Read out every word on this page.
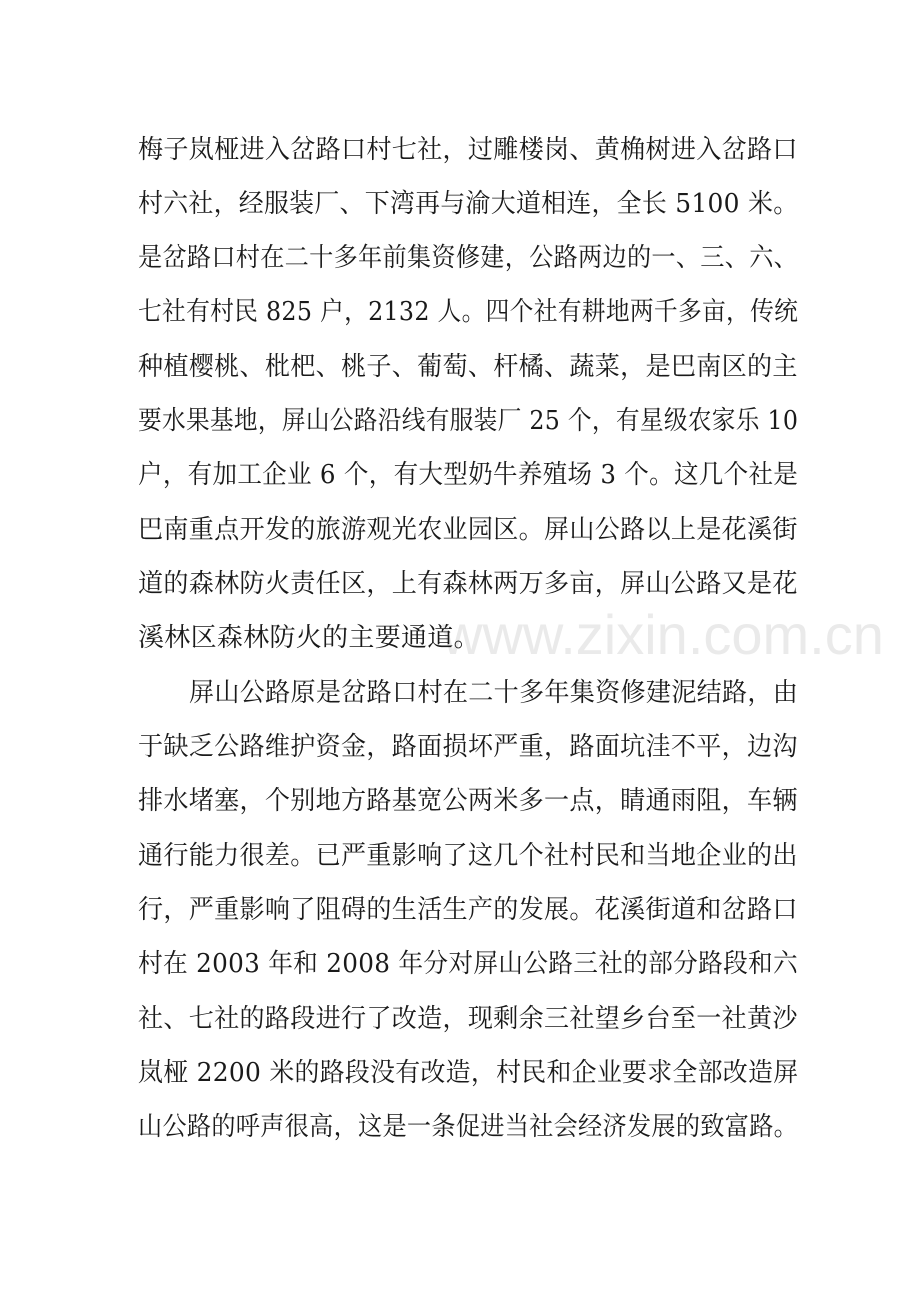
www.zixin.com.cn
梅子岚桠进入岔路口村七社，过雕楼岗、黄桷树进入岔路口
村六社，经服装厂、下湾再与渝大道相连，全长 5100 米。
是岔路口村在二十多年前集资修建，公路两边的一、三、六、
七社有村民 825 户，2132 人。四个社有耕地两千多亩，传统
种植樱桃、枇杷、桃子、葡萄、杆橘、蔬菜，是巴南区的主
要水果基地，屏山公路沿线有服装厂 25 个，有星级农家乐 10
户，有加工企业 6 个，有大型奶牛养殖场 3 个。这几个社是
巴南重点开发的旅游观光农业园区。屏山公路以上是花溪街
道的森林防火责任区，上有森林两万多亩，屏山公路又是花
溪林区森林防火的主要通道。
屏山公路原是岔路口村在二十多年集资修建泥结路，由
于缺乏公路维护资金，路面损坏严重，路面坑洼不平，边沟
排水堵塞，个别地方路基宽公两米多一点，睛通雨阻，车辆
通行能力很差。已严重影响了这几个社村民和当地企业的出
行，严重影响了阻碍的生活生产的发展。花溪街道和岔路口
村在 2003 年和 2008 年分对屏山公路三社的部分路段和六
社、七社的路段进行了改造，现剩余三社望乡台至一社黄沙
岚桠 2200 米的路段没有改造，村民和企业要求全部改造屏
山公路的呼声很高，这是一条促进当社会经济发展的致富路。
